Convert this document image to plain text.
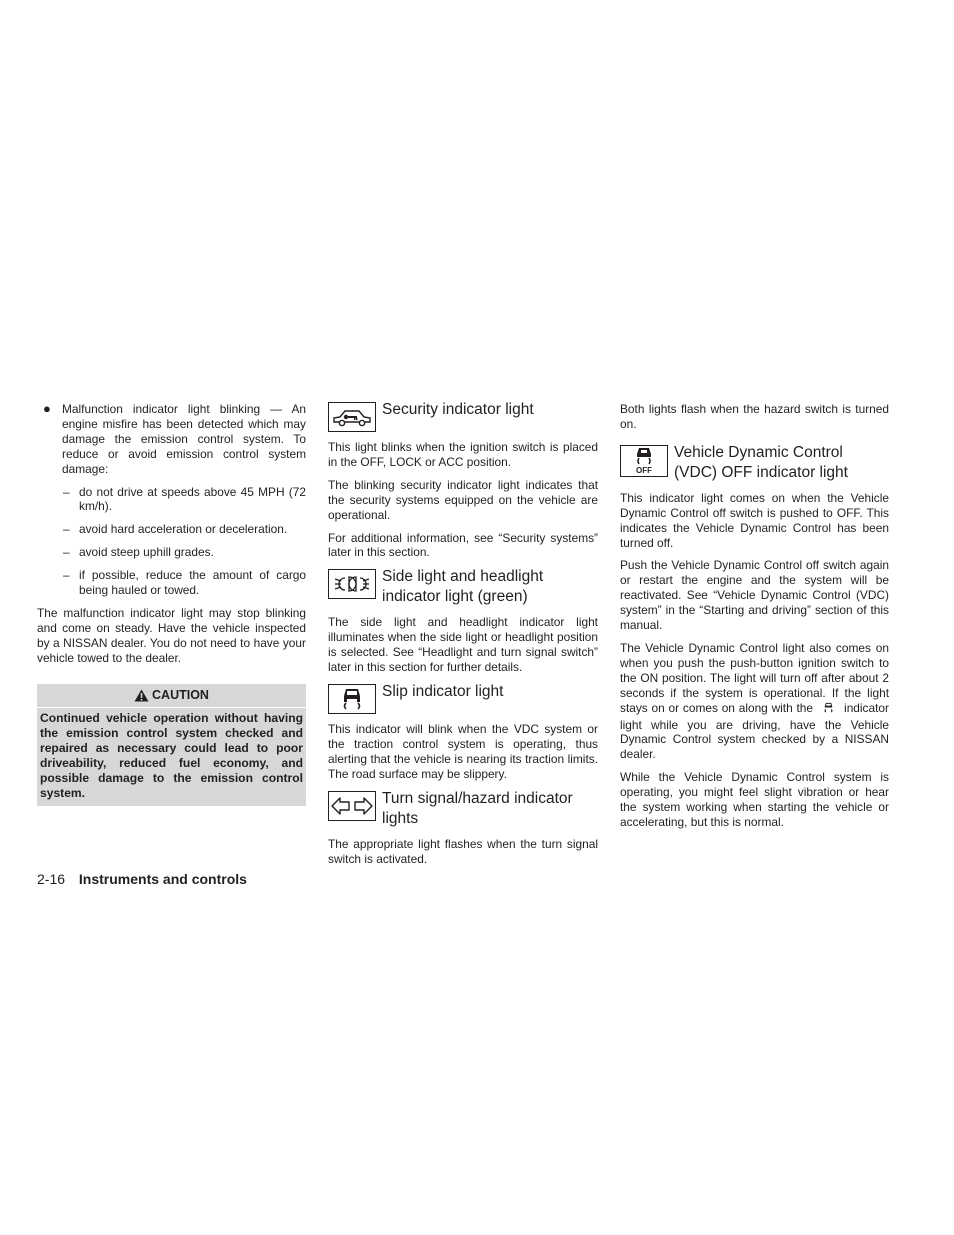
● Malfunction indicator light blinking — An engine misfire has been detected which may damage the emission control system. To reduce or avoid emission control system damage:

– do not drive at speeds above 45 MPH (72 km/h).

– avoid hard acceleration or deceleration.

– avoid steep uphill grades.

– if possible, reduce the amount of cargo being hauled or towed.

The malfunction indicator light may stop blinking and come on steady. Have the vehicle inspected by a NISSAN dealer. You do not need to have your vehicle towed to the dealer.

CAUTION
Continued vehicle operation without having the emission control system checked and repaired as necessary could lead to poor driveability, reduced fuel economy, and possible damage to the emission control system.
Security indicator light

This light blinks when the ignition switch is placed in the OFF, LOCK or ACC position.

The blinking security indicator light indicates that the security systems equipped on the vehicle are operational.

For additional information, see “Security systems” later in this section.

Side light and headlight indicator light (green)

The side light and headlight indicator light illuminates when the side light or headlight position is selected. See “Headlight and turn signal switch” later in this section for further details.

Slip indicator light

This indicator will blink when the VDC system or the traction control system is operating, thus alerting that the vehicle is nearing its traction limits. The road surface may be slippery.

Turn signal/hazard indicator lights

The appropriate light flashes when the turn signal switch is activated.

Both lights flash when the hazard switch is turned on.

OFF
Vehicle Dynamic Control (VDC) OFF indicator light

This indicator light comes on when the Vehicle Dynamic Control off switch is pushed to OFF. This indicates the Vehicle Dynamic Control has been turned off.

Push the Vehicle Dynamic Control off switch again or restart the engine and the system will be reactivated. See “Vehicle Dynamic Control (VDC) system” in the “Starting and driving” section of this manual.

The Vehicle Dynamic Control light also comes on when you push the push-button ignition switch to the ON position. The light will turn off after about 2 seconds if the system is operational. If the light stays on or comes on along with the	indicator light while you are driving, have the Vehicle Dynamic Control system checked by a NISSAN dealer.

While the Vehicle Dynamic Control system is operating, you might feel slight vibration or hear the system working when starting the vehicle or accelerating, but this is normal.

2-16 Instruments and controls
